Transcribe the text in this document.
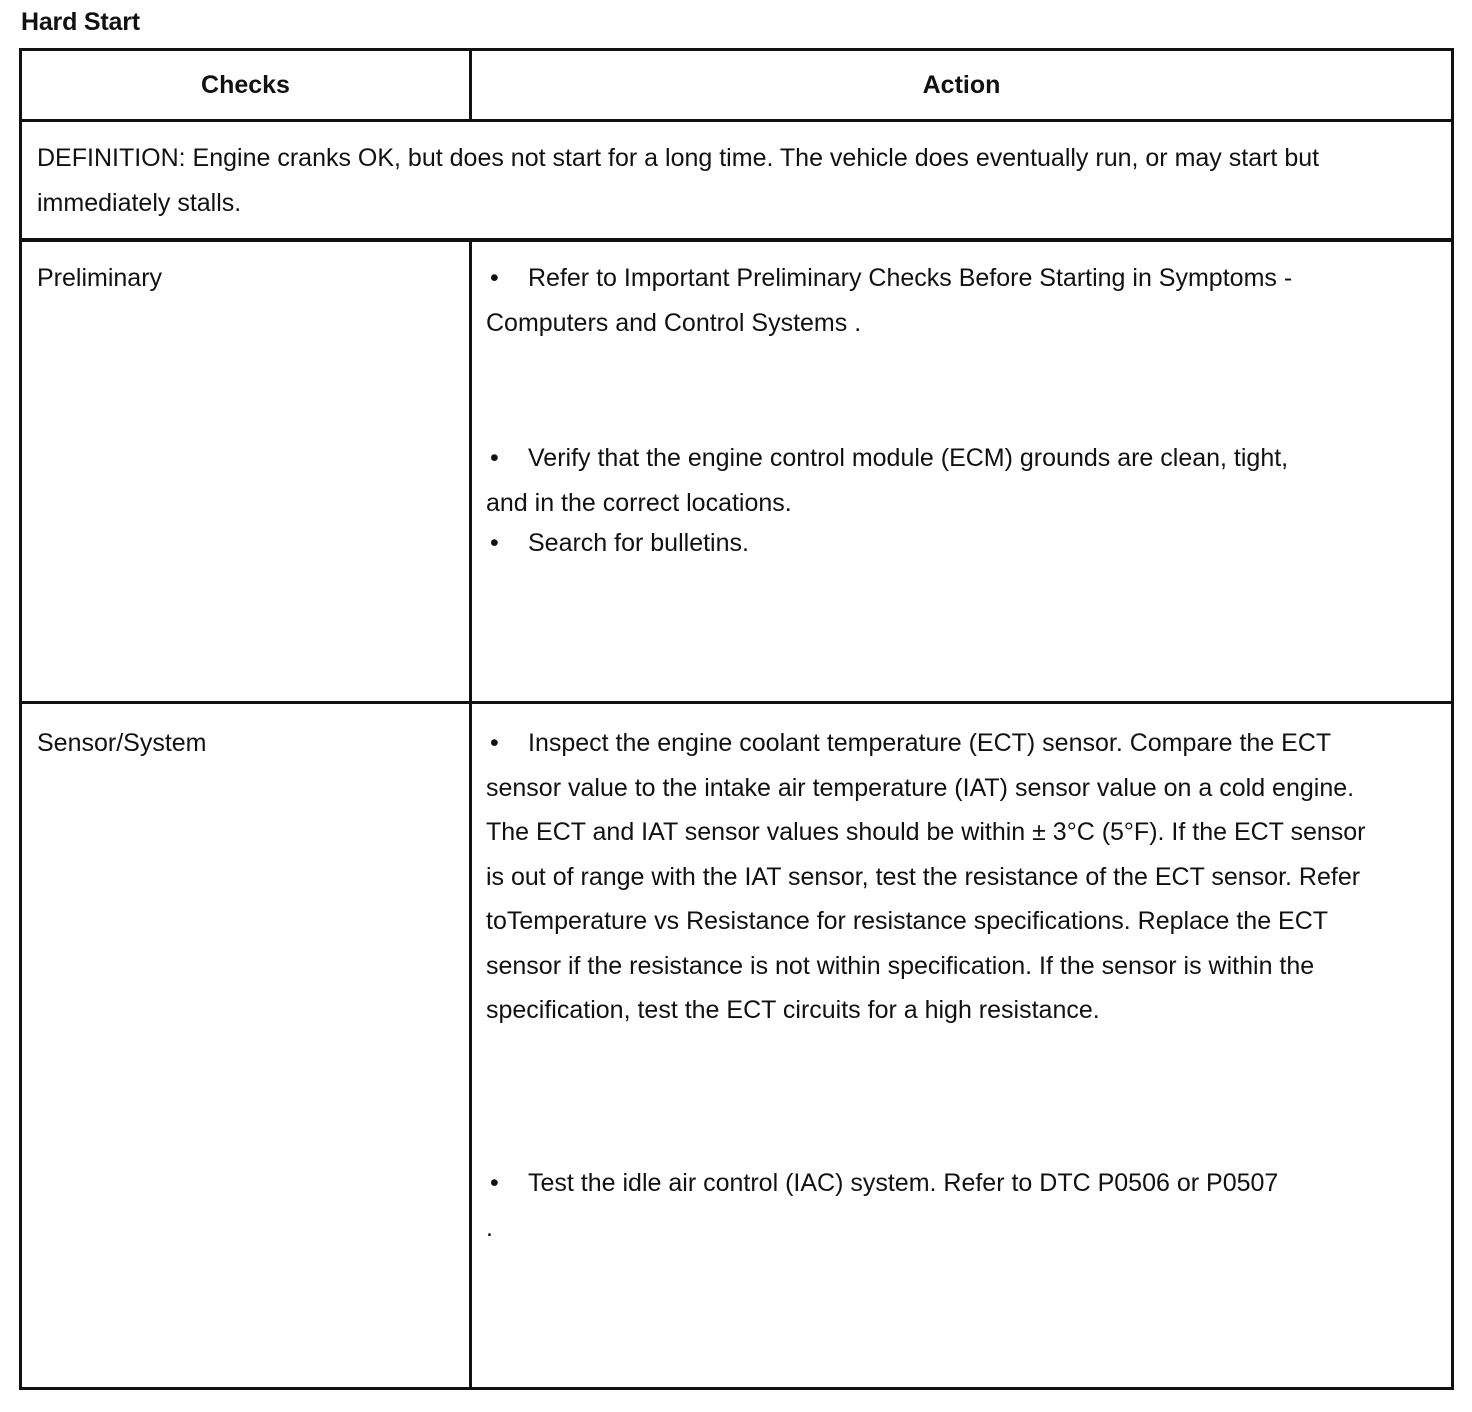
Hard Start
Checks	Action
DEFINITION: Engine cranks OK, but does not start for a long time. The vehicle does eventually run, or may start but immediately stalls.
Preliminary	• Refer to Important Preliminary Checks Before Starting in Symptoms - Computers and Control Systems .
• Verify that the engine control module (ECM) grounds are clean, tight, and in the correct locations.
• Search for bulletins.
Sensor/System	• Inspect the engine coolant temperature (ECT) sensor. Compare the ECT sensor value to the intake air temperature (IAT) sensor value on a cold engine. The ECT and IAT sensor values should be within ± 3°C (5°F). If the ECT sensor is out of range with the IAT sensor, test the resistance of the ECT sensor. Refer toTemperature vs Resistance for resistance specifications. Replace the ECT sensor if the resistance is not within specification. If the sensor is within the specification, test the ECT circuits for a high resistance.
• Test the idle air control (IAC) system. Refer to DTC P0506 or P0507 .
